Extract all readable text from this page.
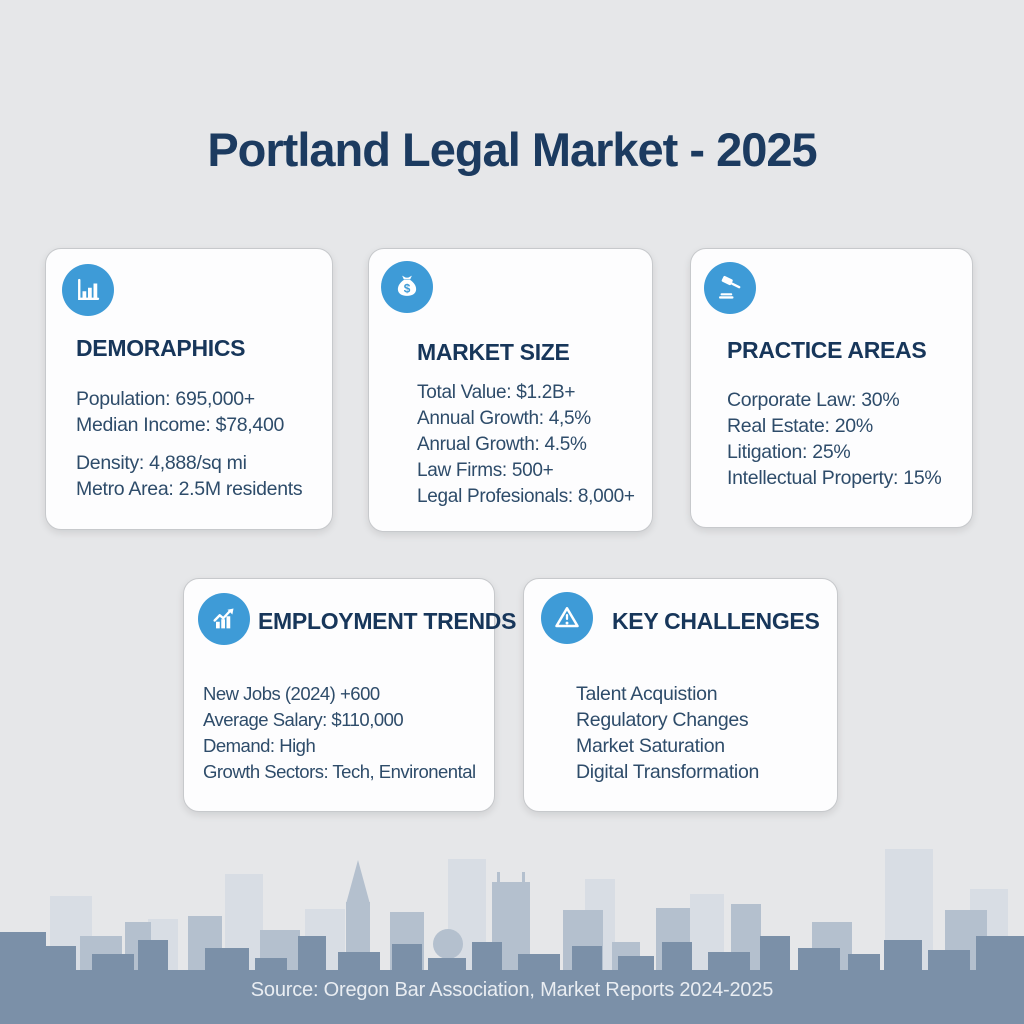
Portland Legal Market - 2025
DEMORAPHICS
Population: 695,000+
Median Income: $78,400
Density: 4,888/sq mi
Metro Area: 2.5M residents
$
MARKET SIZE
Total Value: $1.2B+
Annual Growth: 4,5%
Anrual Growth: 4.5%
Law Firms: 500+
Legal Profesionals: 8,000+
PRACTICE AREAS
Corporate Law: 30%
Real Estate: 20%
Litigation: 25%
Intellectual Property: 15%
EMPLOYMENT TRENDS
New Jobs (2024) +600
Average Salary: $110,000
Demand: High
Growth Sectors: Tech, Environental
KEY CHALLENGES
Talent Acquistion
Regulatory Changes
Market Saturation
Digital Transformation
Source: Oregon Bar Association, Market Reports 2024-2025
